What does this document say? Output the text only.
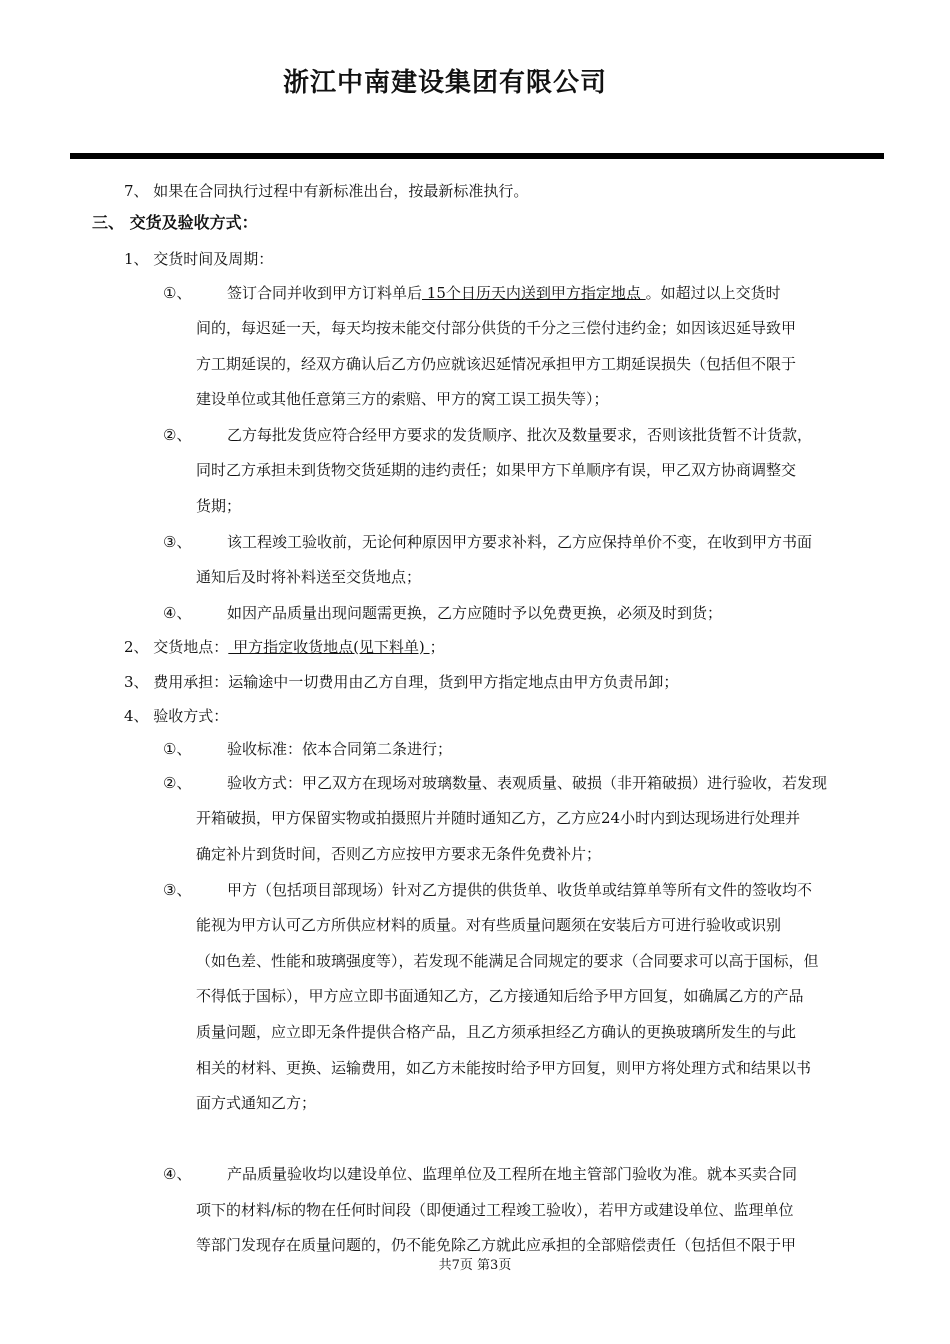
浙江中南建设集团有限公司
7、 如果在合同执行过程中有新标准出台，按最新标准执行。
三、 交货及验收方式：
1、 交货时间及周期：
①、 签订合同并收到甲方订料单后 15个日历天内送到甲方指定地点 。如超过以上交货时
间的，每迟延一天，每天均按未能交付部分供货的千分之三偿付违约金；如因该迟延导致甲
方工期延误的，经双方确认后乙方仍应就该迟延情况承担甲方工期延误损失（包括但不限于
建设单位或其他任意第三方的索赔、甲方的窝工误工损失等）；
②、 乙方每批发货应符合经甲方要求的发货顺序、批次及数量要求，否则该批货暂不计货款，
同时乙方承担未到货物交货延期的违约责任；如果甲方下单顺序有误，甲乙双方协商调整交
货期；
③、 该工程竣工验收前，无论何种原因甲方要求补料，乙方应保持单价不变，在收到甲方书面
通知后及时将补料送至交货地点；
④、 如因产品质量出现问题需更换，乙方应随时予以免费更换，必须及时到货；
2、 交货地点： 甲方指定收货地点(见下料单) ；
3、 费用承担：运输途中一切费用由乙方自理，货到甲方指定地点由甲方负责吊卸；
4、 验收方式：
①、 验收标准：依本合同第二条进行；
②、 验收方式：甲乙双方在现场对玻璃数量、表观质量、破损（非开箱破损）进行验收，若发现
开箱破损，甲方保留实物或拍摄照片并随时通知乙方，乙方应24小时内到达现场进行处理并
确定补片到货时间，否则乙方应按甲方要求无条件免费补片；
③、 甲方（包括项目部现场）针对乙方提供的供货单、收货单或结算单等所有文件的签收均不
能视为甲方认可乙方所供应材料的质量。对有些质量问题须在安装后方可进行验收或识别
（如色差、性能和玻璃强度等），若发现不能满足合同规定的要求（合同要求可以高于国标，但
不得低于国标），甲方应立即书面通知乙方，乙方接通知后给予甲方回复，如确属乙方的产品
质量问题，应立即无条件提供合格产品，且乙方须承担经乙方确认的更换玻璃所发生的与此
相关的材料、更换、运输费用，如乙方未能按时给予甲方回复，则甲方将处理方式和结果以书
面方式通知乙方；
④、 产品质量验收均以建设单位、监理单位及工程所在地主管部门验收为准。就本买卖合同
项下的材料/标的物在任何时间段（即便通过工程竣工验收），若甲方或建设单位、监理单位
等部门发现存在质量问题的，仍不能免除乙方就此应承担的全部赔偿责任（包括但不限于甲
共7页 第3页
